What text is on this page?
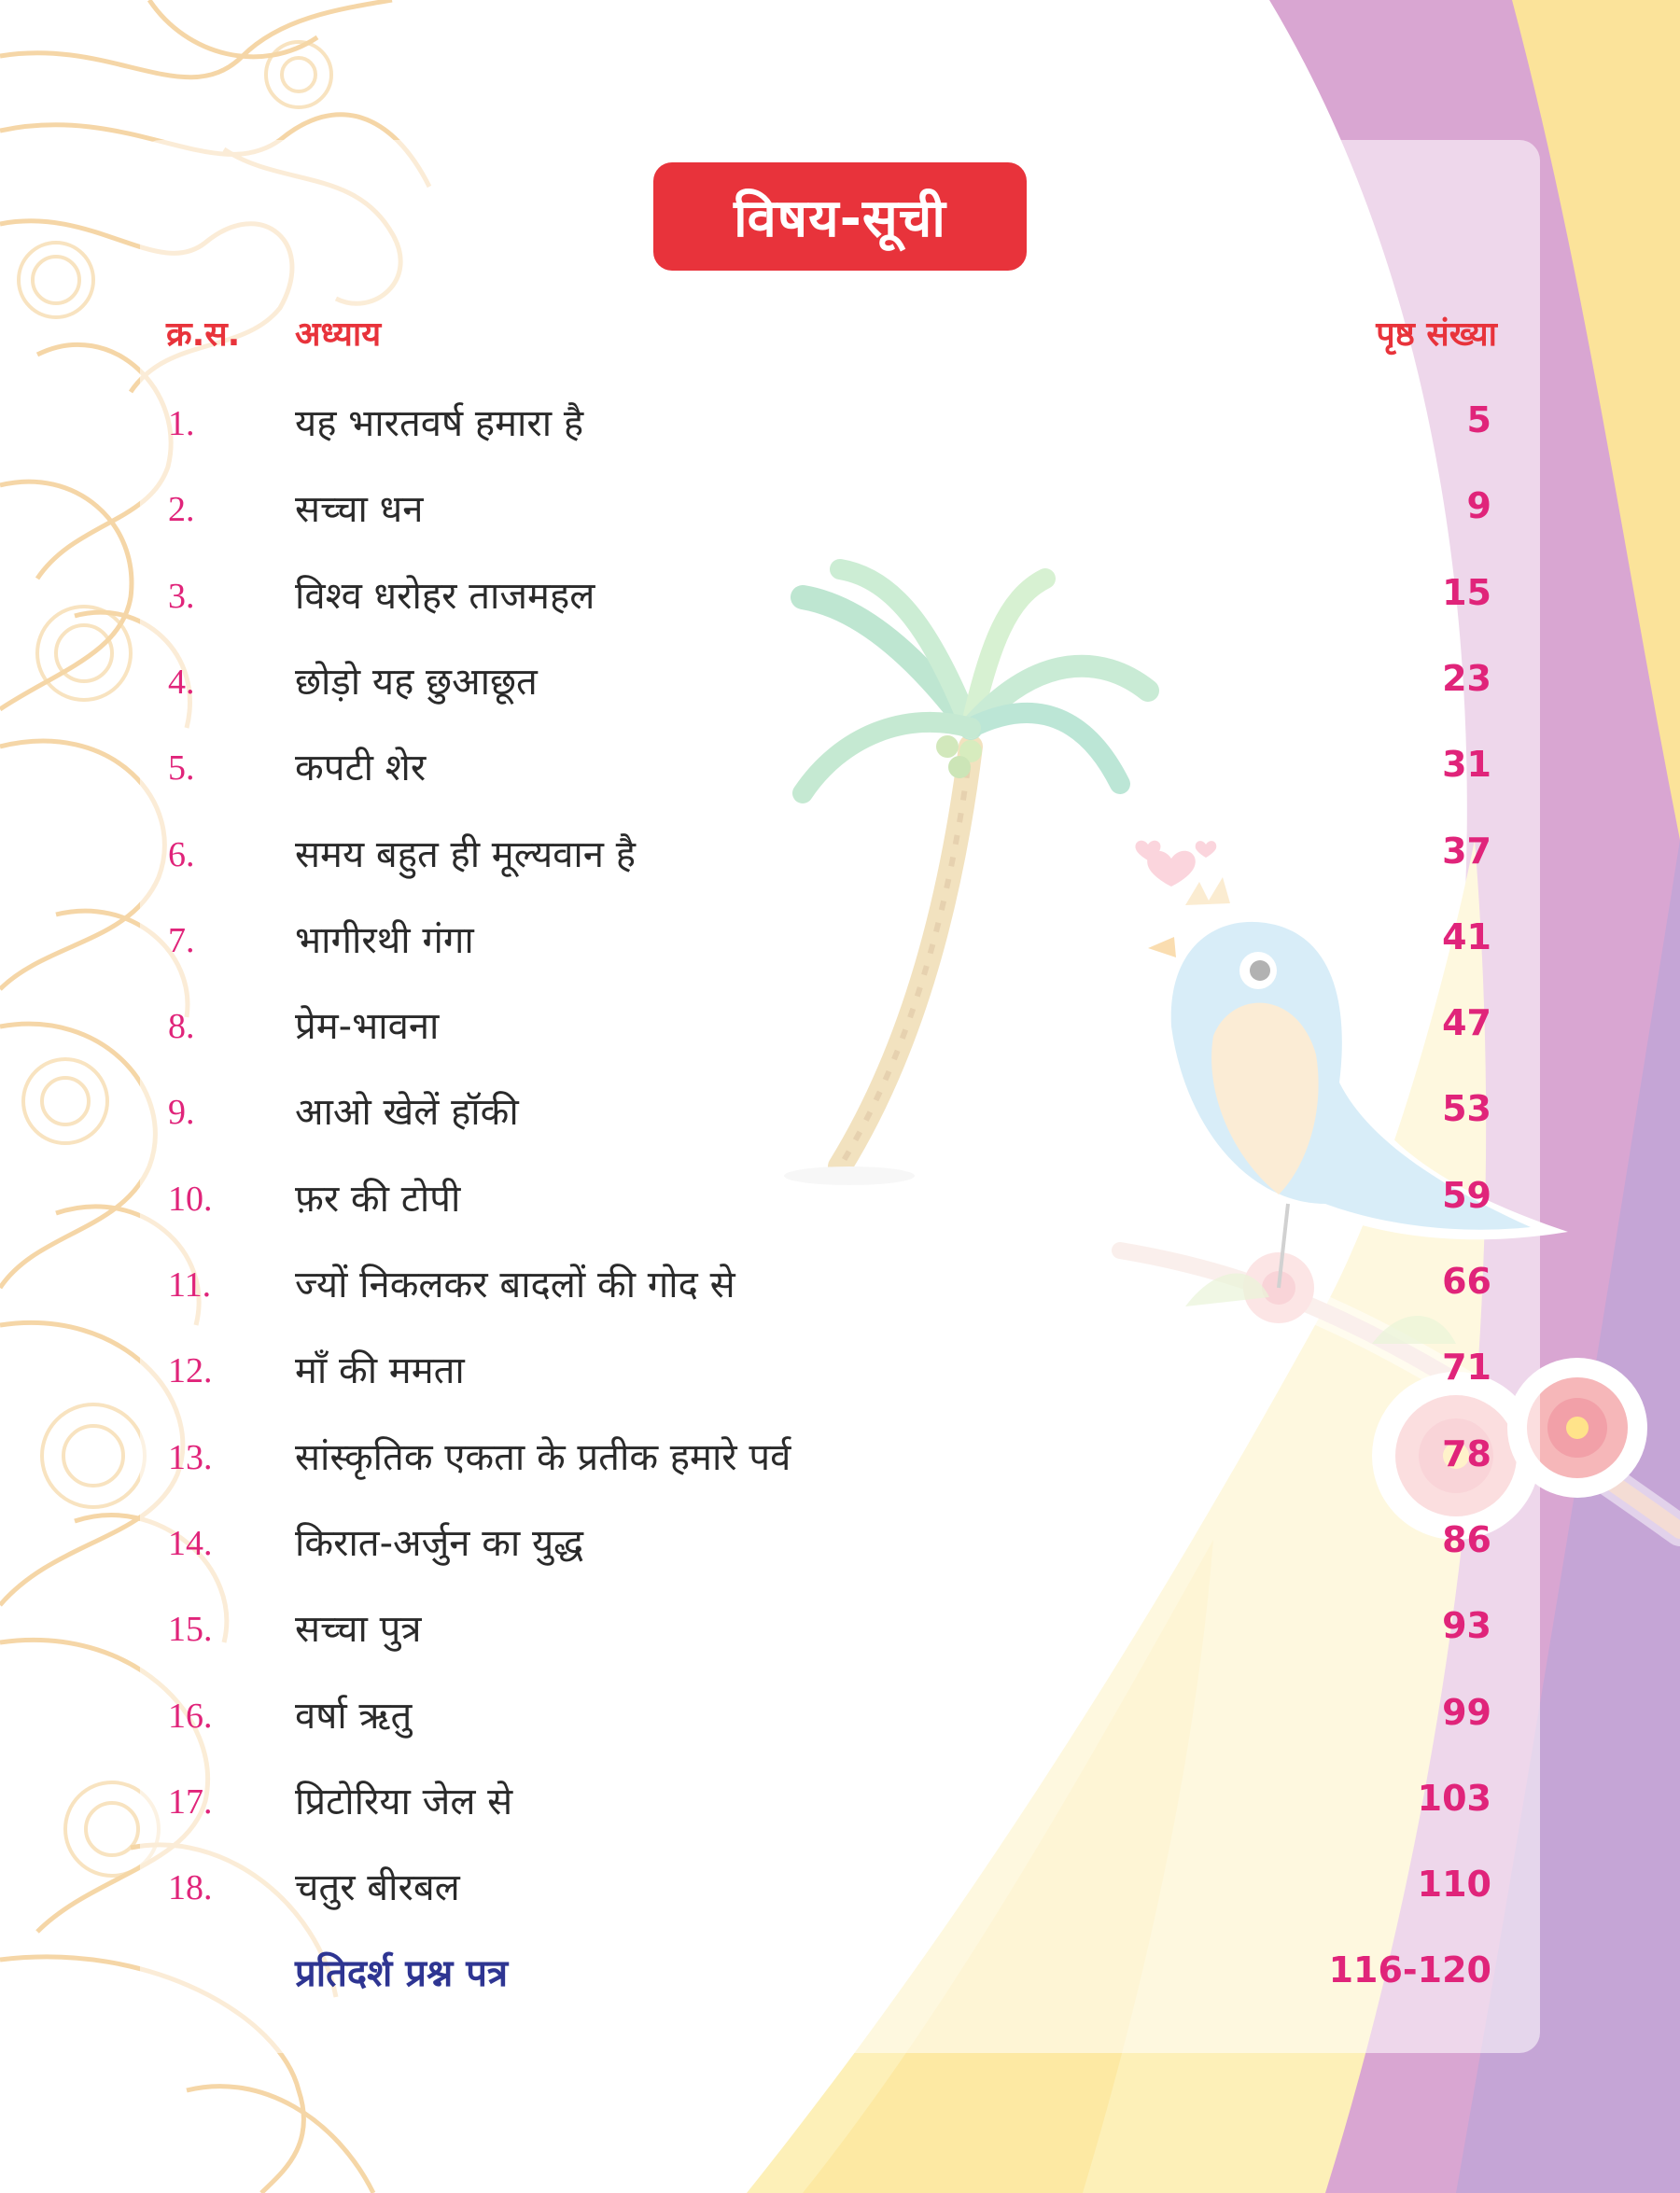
विषय-सूची
क्र.स. अध्याय	पृष्ठ संख्या
1.	यह भारतवर्ष हमारा है	5
2.	सच्चा धन	9
3.	विश्व धरोहर ताजमहल	15
4.	छोड़ो यह छुआछूत	23
5.	कपटी शेर	31
6.	समय बहुत ही मूल्यवान है	37
7.	भागीरथी गंगा	41
8.	प्रेम-भावना	47
9.	आओ खेलें हॉकी	53
10. फ़र की टोपी	59
11. ज्यों निकलकर बादलों की गोद से	66
12. माँ की ममता	71
13. सांस्कृतिक एकता के प्रतीक हमारे पर्व	78
14. किरात-अर्जुन का युद्ध	86
15. सच्चा पुत्र	93
16. वर्षा ऋतु	99
17. प्रिटोरिया जेल से	103
18. चतुर बीरबल	110
प्रतिदर्श प्रश्न पत्र	116-120
